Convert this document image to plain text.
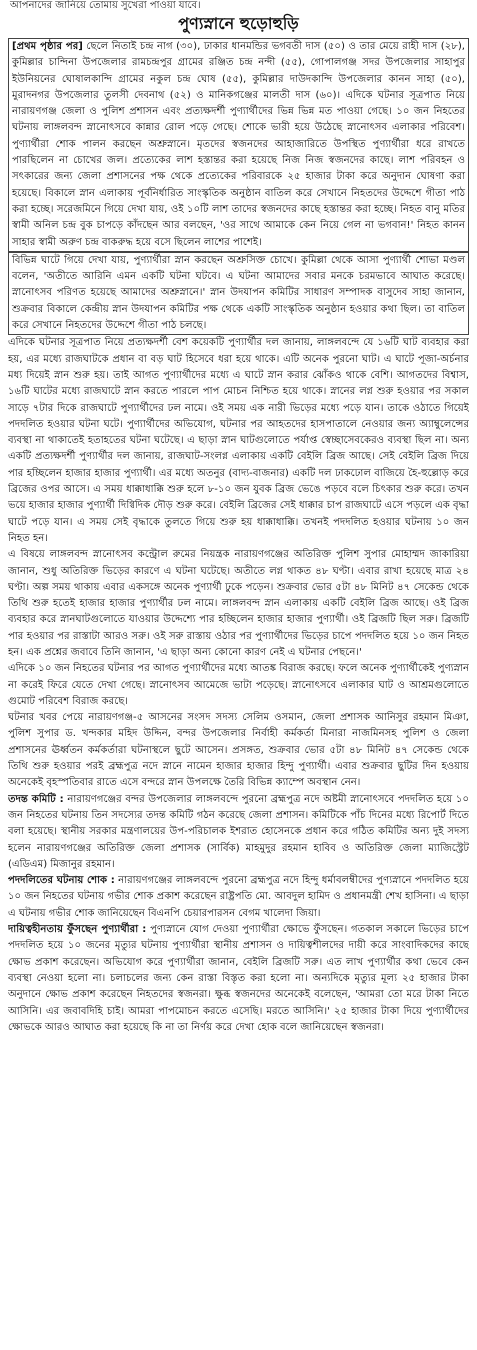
আপনাদের জানিয়ে তোমায় সুখেরা পাওয়া যাবে।
পুণ্যস্নানে হুড়োহুড়ি

[প্রথম পৃষ্ঠার পর] ছেলে নিতাই চন্দ্র নাগ (৩০), ঢাকার ধানমন্ডির ভগবতী দাস (৫০) ও তার মেয়ে রাহী দাস (২৮), কুমিল্লার চান্দিনা উপজেলার রামচন্দ্রপুর গ্রামের রঞ্জিত চন্দ্র নন্দী (৫৫), গোপালগঞ্জ সদর উপজেলার সাহাপুর ইউনিয়নের ঘোষালকান্দি গ্রামের নকুল চন্দ্র ঘোষ (৫৫), কুমিল্লার দাউদকান্দি উপজেলার কানন সাহা (৫০), মুরাদনগর উপজেলার তুলসী দেবনাথ (৫২) ও মানিকগঞ্জের মালতী দাস (৬০)। এদিকে ঘটনার সূত্রপাত নিয়ে নারায়ণগঞ্জ জেলা ও পুলিশ প্রশাসন এবং প্রত্যক্ষদর্শী পুণ্যার্থীদের ভিন্ন ভিন্ন মত পাওয়া গেছে। ১০ জন নিহতের ঘটনায় লাঙ্গলবন্দ স্নানোৎসবে কান্নার রোল পড়ে গেছে। শোকে ভারী হয়ে উঠেছে স্নানোৎসব এলাকার পরিবেশ। পুণ্যার্থীরা শোক পালন করছেন অশ্রুস্নানে। মৃতদের স্বজনদের আহাজারিতে উপস্থিত পুণ্যার্থীরা ধরে রাখতে পারছিলেন না চোখের জল। প্রত্যেকের লাশ হস্তান্তর করা হয়েছে নিজ নিজ স্বজনদের কাছে। লাশ পরিবহন ও সৎকারের জন্য জেলা প্রশাসনের পক্ষ থেকে প্রত্যেকের পরিবারকে ২৫ হাজার টাকা করে অনুদান ঘোষণা করা হয়েছে। বিকালে স্নান এলাকায় পূর্বনির্ধারিত সাংস্কৃতিক অনুষ্ঠান বাতিল করে সেখানে নিহতদের উদ্দেশে গীতা পাঠ করা হচ্ছে। সরেজমিনে গিয়ে দেখা যায়, ওই ১০টি লাশ তাদের স্বজনদের কাছে হস্তান্তর করা হচ্ছে। নিহত বানু মতির স্বামী অনিল চন্দ্র বুক চাপড়ে কাঁদছেন আর বলছেন, 'ওর সাথে আমাকে কেন নিয়ে গেল না ভগবান!' নিহত কানন সাহার স্বামী অরুণ চন্দ্র বাকরুদ্ধ হয়ে বসে ছিলেন লাশের পাশেই।

বিভিন্ন ঘাটে গিয়ে দেখা যায়, পুণ্যার্থীরা স্নান করছেন অশ্রুসিক্ত চোখে। কুমিল্লা থেকে আসা পুণ্যার্থী শোভা মণ্ডল বলেন, 'অতীতে আরিনি এমন একটি ঘটনা ঘটবে। এ ঘটনা আমাদের সবার মনকে চরমভাবে আঘাত করেছে। স্নানোৎসব পরিণত হয়েছে আমাদের অশ্রুস্নানে।' স্নান উদযাপন কমিটির সাধারণ সম্পাদক বাসুদেব সাহা জানান, শুক্রবার বিকালে কেন্দ্রীয় স্নান উদযাপন কমিটির পক্ষ থেকে একটি সাংস্কৃতিক অনুষ্ঠান হওয়ার কথা ছিল। তা বাতিল করে সেখানে নিহতদের উদ্দেশে গীতা পাঠ চলছে।

এদিকে ঘটনার সূত্রপাত নিয়ে প্রত্যক্ষদর্শী বেশ কয়েকটি পুণ্যার্থীর দল জানায়, লাঙ্গলবন্দে যে ১৬টি ঘাট ব্যবহার করা হয়, এর মধ্যে রাজঘাটকে প্রধান বা বড় ঘাট হিসেবে ধরা হয়ে থাকে। এটি অনেক পুরনো ঘাট। এ ঘাটে পূজা-অর্চনার মধ্য দিয়েই স্নান শুরু হয়। তাই আগত পুণ্যার্থীদের মধ্যে এ ঘাটে স্নান করার ঝোঁকও থাকে বেশি। আগতদের বিশ্বাস, ১৬টি ঘাটের মধ্যে রাজঘাটে স্নান করতে পারলে পাপ মোচন নিশ্চিত হয়ে থাকে। স্নানের লগ্ন শুরু হওয়ার পর সকাল সাড়ে ৭টার দিকে রাজঘাটে পুণ্যার্থীদের ঢল নামে। ওই সময় এক নারী ভিড়ের মধ্যে পড়ে যান। তাকে ওঠাতে গিয়েই পদদলিত হওয়ার ঘটনা ঘটে। পুণ্যার্থীদের অভিযোগ, ঘটনার পর আহতদের হাসপাতালে নেওয়ার জন্য অ্যাম্বুলেন্সের ব্যবস্থা না থাকাতেই হতাহতের ঘটনা ঘটেছে। এ ছাড়া স্নান ঘাটগুলোতে পর্যাপ্ত স্বেচ্ছাসেবকেরও ব্যবস্থা ছিল না। অন্য একটি প্রত্যক্ষদর্শী পুণ্যার্থীর দল জানায়, রাজঘাট-সংলগ্ন এলাকায় একটি বেইলি ব্রিজ আছে। সেই বেইলি ব্রিজ দিয়ে পার হচ্ছিলেন হাজার হাজার পুণ্যার্থী। এর মধ্যে অতনুর (বাদ্য-বাজনার) একটি দল ঢাকঢোল বাজিয়ে হৈ-হুল্লোড় করে ব্রিজের ওপর আসে। এ সময় ধাক্কাধাক্কি শুরু হলে ৮-১০ জন যুবক ব্রিজ ভেঙে পড়বে বলে চিৎকার শুরু করে। তখন ভয়ে হাজার হাজার পুণ্যার্থী দিগ্বিদিক দৌড় শুরু করে। বেইলি ব্রিজের সেই ধাক্কার চাপ রাজঘাটে এসে পড়লে এক বৃদ্ধা ঘাটে পড়ে যান। এ সময় সেই বৃদ্ধাকে তুলতে গিয়ে শুরু হয় ধাক্কাধাক্কি। তখনই পদদলিত হওয়ার ঘটনায় ১০ জন নিহত হন।

এ বিষয়ে লাঙ্গলবন্দ স্নানোৎসব কন্ট্রোল রুমের নিয়ন্ত্রক নারায়ণগঞ্জের অতিরিক্ত পুলিশ সুপার মোহাম্মদ জাকারিয়া জানান, শুধু অতিরিক্ত ভিড়ের কারণে এ ঘটনা ঘটেছে। অতীতে লগ্ন থাকত ৪৮ ঘণ্টা। এবার রাখা হয়েছে মাত্র ২৪ ঘণ্টা। অল্প সময় থাকায় এবার একসঙ্গে অনেক পুণ্যার্থী ঢুকে পড়েন। শুক্রবার ভোর ৫টা ৪৮ মিনিট ৪৭ সেকেন্ড থেকে তিথি শুরু হতেই হাজার হাজার পুণ্যার্থীর ঢল নামে। লাঙ্গলবন্দ স্নান এলাকায় একটি বেইলি ব্রিজ আছে। ওই ব্রিজ ব্যবহার করে স্নানঘাটগুলোতে যাওয়ার উদ্দেশ্যে পার হচ্ছিলেন হাজার হাজার পুণ্যার্থী। ওই ব্রিজটি ছিল সরু। ব্রিজটি পার হওয়ার পর রাস্তাটা আরও সরু। ওই সরু রাস্তায় ওঠার পর পুণ্যার্থীদের ভিড়ের চাপে পদদলিত হয়ে ১০ জন নিহত হন। এক প্রশ্নের জবাবে তিনি জানান, 'এ ছাড়া অন্য কোনো কারণ নেই এ ঘটনার পেছনে।'

এদিকে ১০ জন নিহতের ঘটনার পর আগত পুণ্যার্থীদের মধ্যে আতঙ্ক বিরাজ করছে। ফলে অনেক পুণ্যার্থীকেই পুণ্যস্নান না করেই ফিরে যেতে দেখা গেছে। স্নানোৎসব আমেজে ভাটা পড়েছে। স্নানোৎসবে এলাকার ঘাট ও আশ্রমগুলোতে গুমোট পরিবেশ বিরাজ করছে।

ঘটনার খবর পেয়ে নারায়ণগঞ্জ-৫ আসনের সংসদ সদস্য সেলিম ওসমান, জেলা প্রশাসক আনিসুর রহমান মিঞা, পুলিশ সুপার ড. খন্দকার মহিদ উদ্দিন, বন্দর উপজেলার নির্বাহী কর্মকর্তা মিনারা নাজমিনসহ পুলিশ ও জেলা প্রশাসনের ঊর্ধ্বতন কর্মকর্তারা ঘটনাস্থলে ছুটে আসেন। প্রসঙ্গত, শুক্রবার ভোর ৫টা ৪৮ মিনিট ৪৭ সেকেন্ড থেকে তিথি শুরু হওয়ার পরই ব্রহ্মপুত্র নদে স্নানে নামেন হাজার হাজার হিন্দু পুণ্যার্থী। এবার শুক্রবার ছুটির দিন হওয়ায় অনেকেই বৃহস্পতিবার রাতে এসে বন্দরে স্নান উপলক্ষে তৈরি বিভিন্ন ক্যাম্পে অবস্থান নেন।

তদন্ত কমিটি : নারায়ণগঞ্জের বন্দর উপজেলার লাঙ্গলবন্দে পুরনো ব্রহ্মপুত্র নদে অষ্টমী স্নানোৎসবে পদদলিত হয়ে ১০ জন নিহতের ঘটনায় তিন সদস্যের তদন্ত কমিটি গঠন করেছে জেলা প্রশাসন। কমিটিকে পাঁচ দিনের মধ্যে রিপোর্ট দিতে বলা হয়েছে। স্থানীয় সরকার মন্ত্রণালয়ের উপ-পরিচালক ইশরাত হোসেনকে প্রধান করে গঠিত কমিটির অন্য দুই সদস্য হলেন নারায়ণগঞ্জের অতিরিক্ত জেলা প্রশাসক (সার্বিক) মাহমুদুর রহমান হাবিব ও অতিরিক্ত জেলা ম্যাজিস্ট্রেট (এডিএম) মিজানুর রহমান।

পদদলিতের ঘটনায় শোক : নারায়ণগঞ্জের লাঙ্গলবন্দে পুরনো ব্রহ্মপুত্র নদে হিন্দু ধর্মাবলম্বীদের পুণ্যস্নানে পদদলিত হয়ে ১০ জন নিহতের ঘটনায় গভীর শোক প্রকাশ করেছেন রাষ্ট্রপতি মো. আবদুল হামিদ ও প্রধানমন্ত্রী শেখ হাসিনা। এ ছাড়া এ ঘটনায় গভীর শোক জানিয়েছেন বিএনপি চেয়ারপারসন বেগম খালেদা জিয়া।

দায়িত্বহীনতায় ফুঁসছেন পুণ্যার্থীরা : পুণ্যস্নানে যোগ দেওয়া পুণ্যার্থীরা ক্ষোভে ফুঁসছেন। গতকাল সকালে ভিড়ের চাপে পদদলিত হয়ে ১০ জনের মৃত্যুর ঘটনায় পুণ্যার্থীরা স্থানীয় প্রশাসন ও দায়িত্বশীলদের দায়ী করে সাংবাদিকদের কাছে ক্ষোভ প্রকাশ করেছেন। অভিযোগ করে পুণ্যার্থীরা জানান, বেইলি ব্রিজটি সরু। এত লাখ পুণ্যার্থীর কথা ভেবে কেন ব্যবস্থা নেওয়া হলো না। চলাচলের জন্য কেন রাস্তা বিস্তৃত করা হলো না। অন্যদিকে মৃত্যুর মূল্য ২৫ হাজার টাকা অনুদানে ক্ষোভ প্রকাশ করেছেন নিহতদের স্বজনরা। ক্ষুব্ধ স্বজনদের অনেকেই বলেছেন, 'আমরা তো মরে টাকা নিতে আসিনি। এর জবাবদিহি চাই। আমরা পাপমোচন করতে এসেছি। মরতে আসিনি।' ২৫ হাজার টাকা দিয়ে পুণ্যার্থীদের ক্ষোভকে আরও আঘাত করা হয়েছে কি না তা নির্ণয় করে দেখা হোক বলে জানিয়েছেন স্বজনরা।
